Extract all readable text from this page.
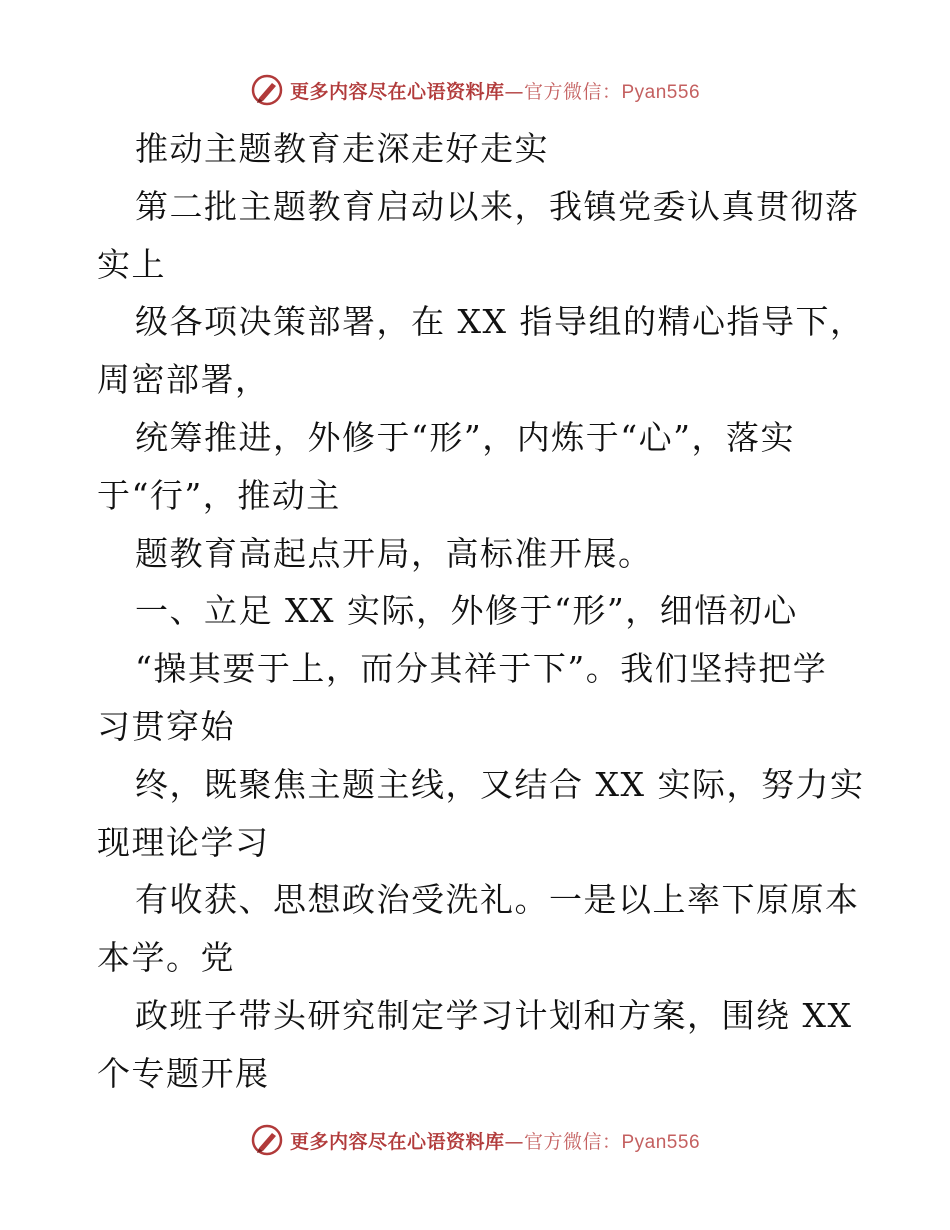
更多内容尽在心语资料库—官方微信：Pyan556
推动主题教育走深走好走实
第二批主题教育启动以来，我镇党委认真贯彻落
实上
级各项决策部署，在 XX 指导组的精心指导下，
周密部署，
统筹推进，外修于“形”，内炼于“心”，落实
于“行”，推动主
题教育高起点开局，高标准开展。
一、立足 XX 实际，外修于“形”，细悟初心
“操其要于上，而分其祥于下”。我们坚持把学
习贯穿始
终，既聚焦主题主线，又结合 XX 实际，努力实
现理论学习
有收获、思想政治受洗礼。一是以上率下原原本
本学。党
政班子带头研究制定学习计划和方案，围绕 XX
个专题开展
更多内容尽在心语资料库—官方微信：Pyan556
